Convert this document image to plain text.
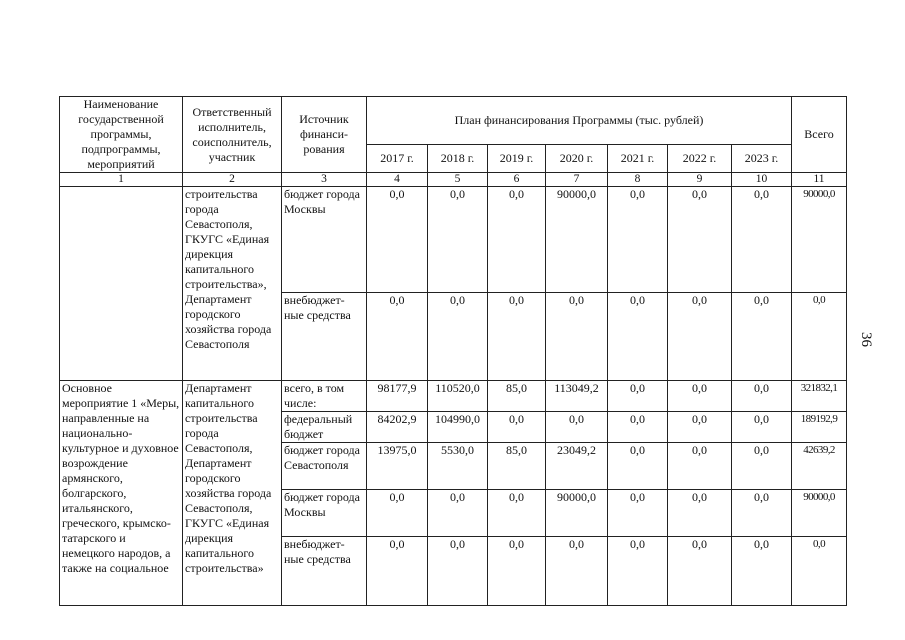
Наименование государственной программы, подпрограммы, мероприятий	Ответственный исполнитель, соисполнитель, участник	Источник финанси-рования	План финансирования Программы (тыс. рублей)							Всего
			2017 г.	2018 г.	2019 г.	2020 г.	2021 г.	2022 г.	2023 г.	
1	2	3	4	5	6	7	8	9	10	11
	строительства города Севастополя, ГКУГС «Единая дирекция капитального строительства», Департамент городского хозяйства города Севастополя	бюджет города Москвы	0,0	0,0	0,0	90000,0	0,0	0,0	0,0	90000,0
		внебюджет-ные средства	0,0	0,0	0,0	0,0	0,0	0,0	0,0	0,0
Основное мероприятие 1 «Меры, направленные на национально-культурное и духовное возрождение армянского, болгарского, итальянского, греческого, крымско-татарского и немецкого народов, а также на социальное	Департамент капитального строительства города Севастополя, Департамент городского хозяйства города Севастополя, ГКУГС «Единая дирекция капитального строительства»	всего, в том числе:	98177,9	110520,0	85,0	113049,2	0,0	0,0	0,0	321832,1
		федеральный бюджет	84202,9	104990,0	0,0	0,0	0,0	0,0	0,0	189192,9
		бюджет города Севастополя	13975,0	5530,0	85,0	23049,2	0,0	0,0	0,0	42639,2
		бюджет города Москвы	0,0	0,0	0,0	90000,0	0,0	0,0	0,0	90000,0
		внебюджет-ные средства	0,0	0,0	0,0	0,0	0,0	0,0	0,0	0,0
36
